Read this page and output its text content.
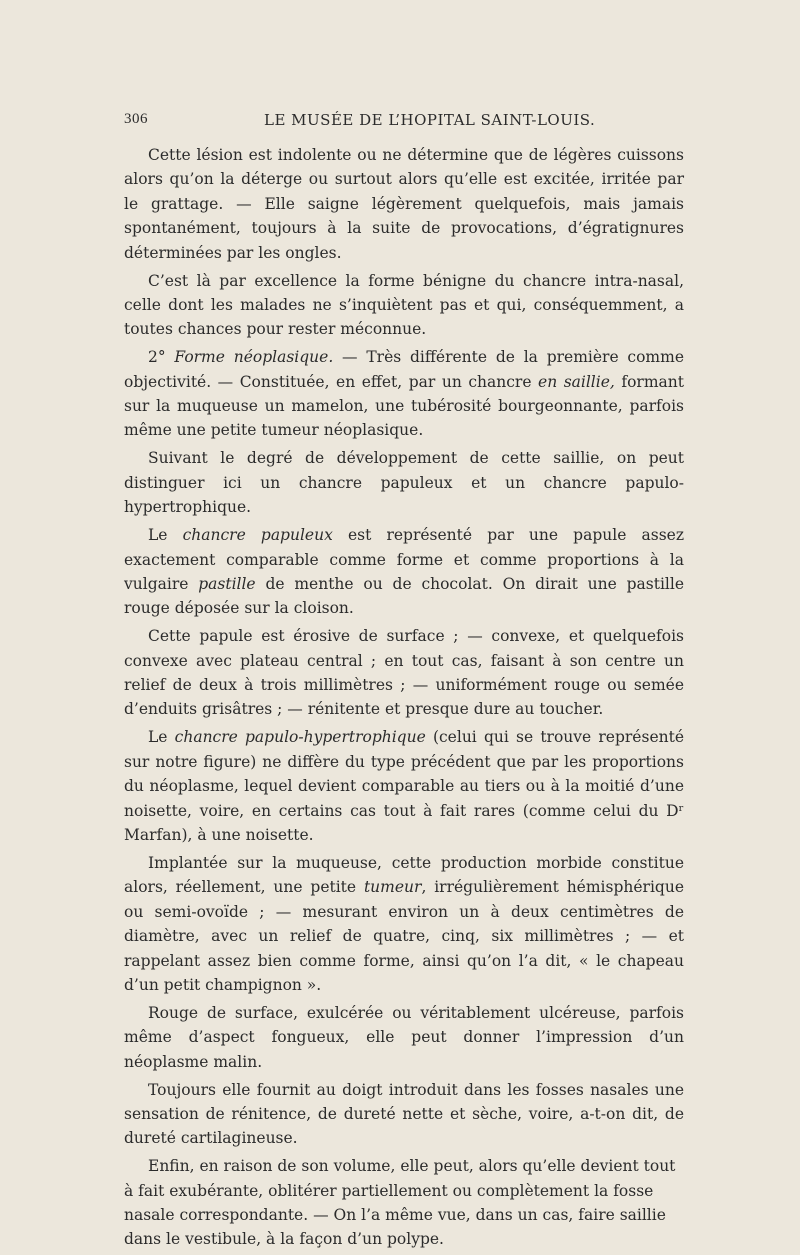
306	LE MUSÉE DE L’HOPITAL SAINT-LOUIS.

Cette lésion est indolente ou ne détermine que de légères cuissons alors qu’on la déterge ou surtout alors qu’elle est excitée, irritée par le grattage. — Elle saigne légèrement quelquefois, mais jamais spontanément, toujours à la suite de provocations, d’égratignures déterminées par les ongles.

C’est là par excellence la forme bénigne du chancre intra-nasal, celle dont les malades ne s’inquiètent pas et qui, conséquemment, a toutes chances pour rester méconnue.

2° Forme néoplasique. — Très différente de la première comme objectivité. — Constituée, en effet, par un chancre en saillie, formant sur la muqueuse un mamelon, une tubérosité bourgeonnante, parfois même une petite tumeur néoplasique.

Suivant le degré de développement de cette saillie, on peut distinguer ici un chancre papuleux et un chancre papulo-hypertrophique.

Le chancre papuleux est représenté par une papule assez exactement comparable comme forme et comme proportions à la vulgaire pastille de menthe ou de chocolat. On dirait une pastille rouge déposée sur la cloison.

Cette papule est érosive de surface ; — convexe, et quelquefois convexe avec plateau central ; en tout cas, faisant à son centre un relief de deux à trois millimètres ; — uniformément rouge ou semée d’enduits grisâtres ; — rénitente et presque dure au toucher.

Le chancre papulo-hypertrophique (celui qui se trouve représenté sur notre figure) ne diffère du type précédent que par les proportions du néoplasme, lequel devient comparable au tiers ou à la moitié d’une noisette, voire, en certains cas tout à fait rares (comme celui du Dʳ Marfan), à une noisette.

Implantée sur la muqueuse, cette production morbide constitue alors, réellement, une petite tumeur, irrégulièrement hémisphérique ou semi-ovoïde ; — mesurant environ un à deux centimètres de diamètre, avec un relief de quatre, cinq, six millimètres ; — et rappelant assez bien comme forme, ainsi qu’on l’a dit, « le chapeau d’un petit champignon ».

Rouge de surface, exulcérée ou véritablement ulcéreuse, parfois même d’aspect fongueux, elle peut donner l’impression d’un néoplasme malin.

Toujours elle fournit au doigt introduit dans les fosses nasales une sensation de rénitence, de dureté nette et sèche, voire, a-t-on dit, de dureté cartilagineuse.

Enfin, en raison de son volume, elle peut, alors qu’elle devient tout à fait exubérante, oblitérer partiellement ou complètement la fosse nasale correspondante. — On l’a même vue, dans un cas, faire saillie dans le vestibule, à la façon d’un polype.
